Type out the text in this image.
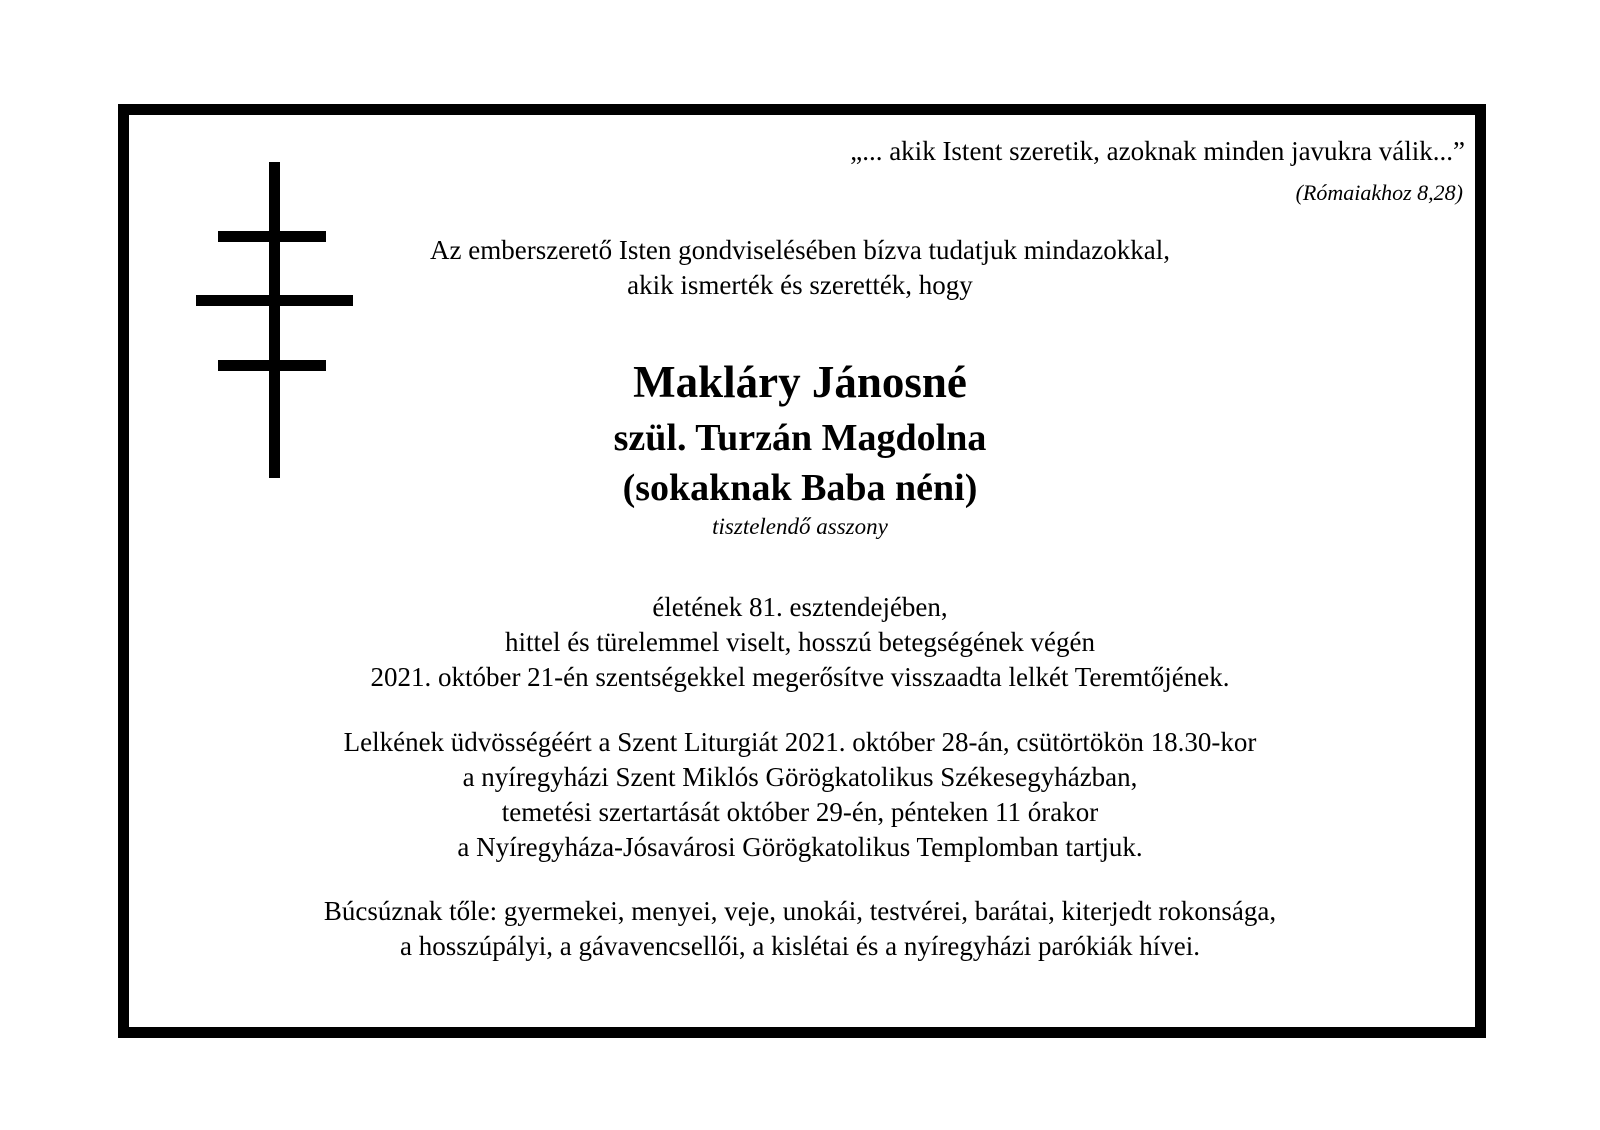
„... akik Istent szeretik, azoknak minden javukra válik...”

(Rómaiakhoz 8,28)

Az emberszerető Isten gondviselésében bízva tudatjuk mindazokkal,

akik ismerték és szerették, hogy

Makláry Jánosné

szül. Turzán Magdolna

(sokaknak Baba néni)

tisztelendő asszony

életének 81. esztendejében,

hittel és türelemmel viselt, hosszú betegségének végén

2021. október 21-én szentségekkel megerősítve visszaadta lelkét Teremtőjének.

Lelkének üdvösségéért a Szent Liturgiát 2021. október 28-án, csütörtökön 18.30-kor

a nyíregyházi Szent Miklós Görögkatolikus Székesegyházban,

temetési szertartását október 29-én, pénteken 11 órakor

a Nyíregyháza-Jósavárosi Görögkatolikus Templomban tartjuk.

Búcsúznak tőle: gyermekei, menyei, veje, unokái, testvérei, barátai, kiterjedt rokonsága,

a hosszúpályi, a gávavencsellői, a kislétai és a nyíregyházi parókiák hívei.
